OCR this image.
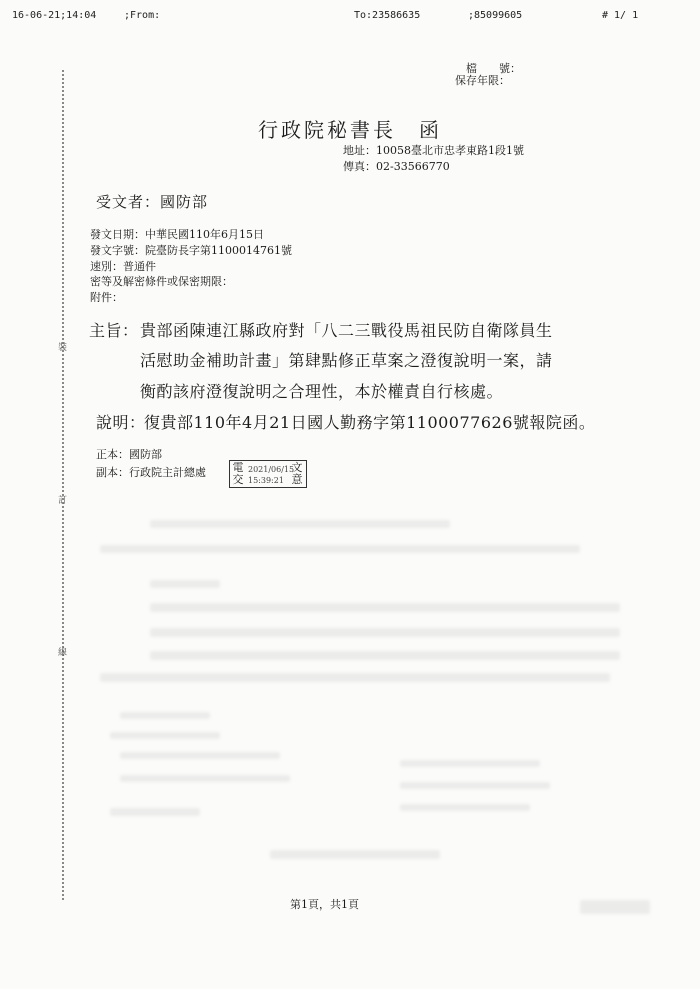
16-06-21;14:04	;From:	To:23586635	;85099605	# 1/ 1
裝
訂
線
檔　　號：
保存年限：
行政院秘書長　函
地址：10058臺北市忠孝東路1段1號
傳真：02-33566770
受文者：國防部
發文日期：中華民國110年6月15日
發文字號：院臺防長字第1100014761號
速別：普通件
密等及解密條件或保密期限：
附件：
主旨： 貴部函陳連江縣政府對「八二三戰役馬祖民防自衛隊員生
活慰助金補助計畫」第肆點修正草案之澄復說明一案，請
衡酌該府澄復說明之合理性，本於權責自行核處。
說明：
復貴部110年4月21日國人勤務字第1100077626號報院函。
正本：國防部
副本：行政院主計總處 電
交
2021/06/15
15:39:21
文
意
第1頁，共1頁
